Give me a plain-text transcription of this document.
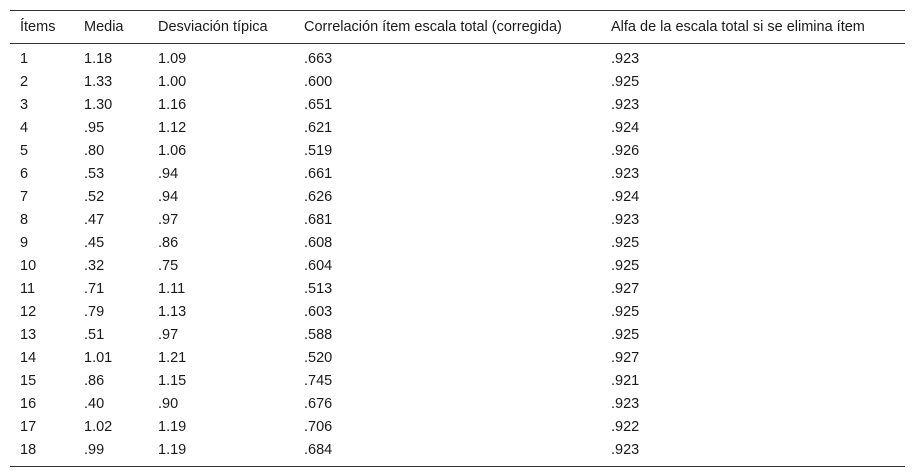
Ítems	Media	Desviación típica	Correlación ítem escala total (corregida)	Alfa de la escala total si se elimina ítem
1	1.18	1.09	.663	.923
2	1.33	1.00	.600	.925
3	1.30	1.16	.651	.923
4	.95	1.12	.621	.924
5	.80	1.06	.519	.926
6	.53	.94	.661	.923
7	.52	.94	.626	.924
8	.47	.97	.681	.923
9	.45	.86	.608	.925
10	.32	.75	.604	.925
11	.71	1.11	.513	.927
12	.79	1.13	.603	.925
13	.51	.97	.588	.925
14	1.01	1.21	.520	.927
15	.86	1.15	.745	.921
16	.40	.90	.676	.923
17	1.02	1.19	.706	.922
18	.99	1.19	.684	.923
